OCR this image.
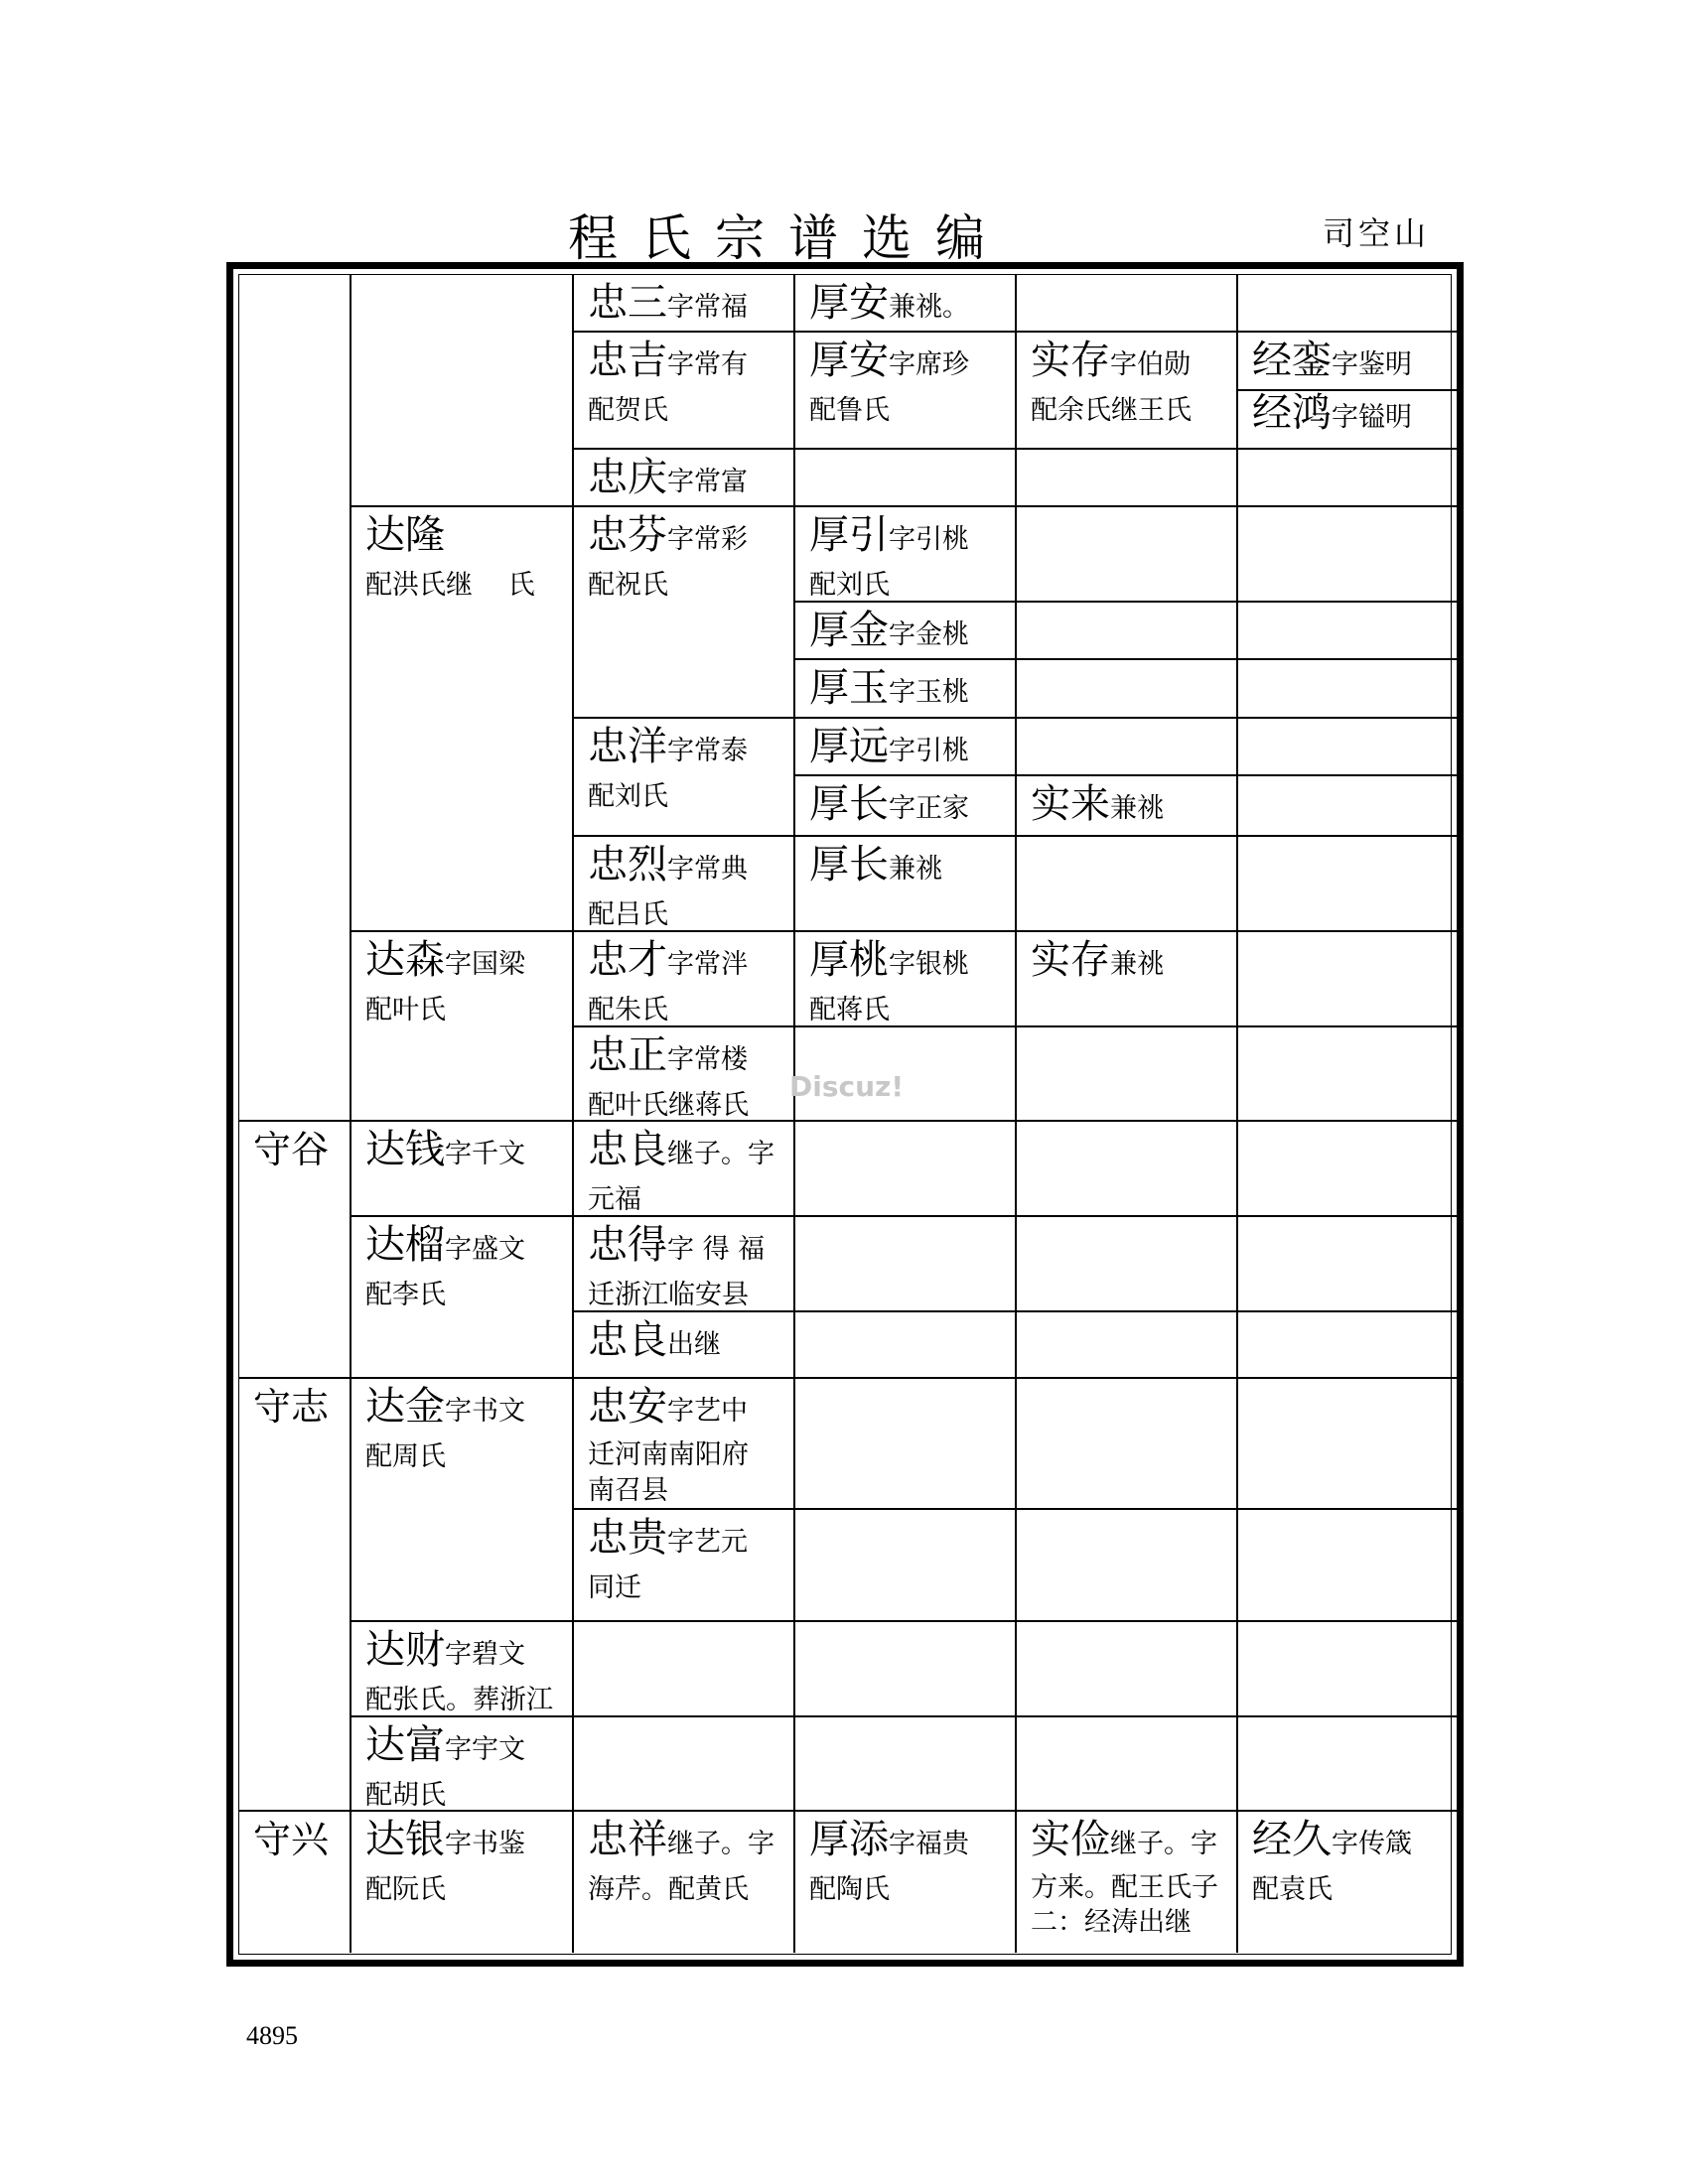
程氏宗谱选编	司空山
守谷
守志
守兴
达隆
配洪氏继　 氏
达森字国梁
配叶氏
达钱字千文
达榴字盛文
配李氏
达金字书文
配周氏
达财字碧文
配张氏。葬浙江
达富字宇文
配胡氏
达银字书鉴
配阮氏
忠三字常福
忠吉字常有
配贺氏
忠庆字常富
忠芬字常彩
配祝氏
忠洋字常泰
配刘氏
忠烈字常典
配吕氏
忠才字常泮
配朱氏
忠正字常楼
配叶氏继蒋氏
忠良继子。字
元福
忠得字 得 福
迁浙江临安县
忠良出继
忠安字艺中
迁河南南阳府
南召县
忠贵字艺元
同迁
忠祥继子。字
海芹。配黄氏
厚安兼祧。
厚安字席珍
配鲁氏
厚引字引桃
配刘氏
厚金字金桃
厚玉字玉桃
厚远字引桃
厚长字正家
厚长兼祧
厚桃字银桃
配蒋氏
厚添字福贵
配陶氏
实存字伯勋
配余氏继王氏
实来兼祧
实存兼祧
实俭继子。字
方来。配王氏子
二：经涛出继
经銮字鉴明
经鸿字镒明
经久字传箴
配袁氏
Discuz!
4895
